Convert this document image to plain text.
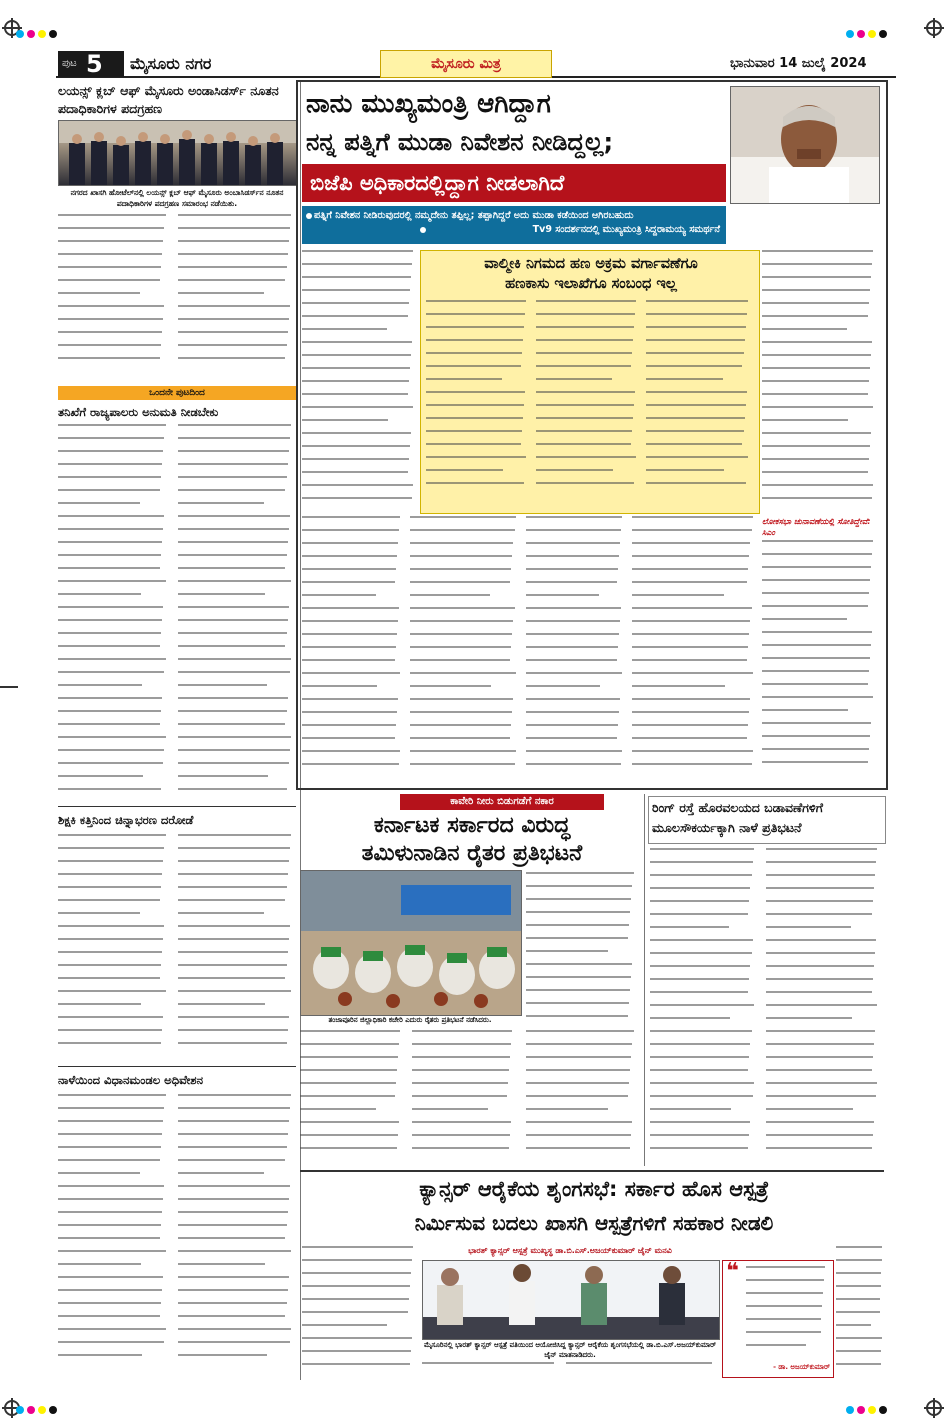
ಪುಟ 5 ಮೈಸೂರು ನಗರ	ಮೈಸೂರು ಮಿತ್ರ	ಭಾನುವಾರ 14 ಜುಲೈ 2024
ಲಯನ್ಸ್ ಕ್ಲಬ್ ಆಫ್ ಮೈಸೂರು ಅಂಡಾಸಿಡರ್ಸ್ ನೂತನ ಪದಾಧಿಕಾರಿಗಳ ಪದಗ್ರಹಣ
ನಗರದ ಖಾಸಗಿ ಹೋಟೆಲ್‌ನಲ್ಲಿ ಲಯನ್ಸ್ ಕ್ಲಬ್ ಆಫ್ ಮೈಸೂರು ಅಂಬಾಸಿಡರ್ಸ್‌ನ ನೂತನ ಪದಾಧಿಕಾರಿಗಳ ಪದಗ್ರಹಣ ಸಮಾರಂಭ ನಡೆಯಿತು.
ಒಂದನೇ ಪುಟದಿಂದ
ತನಿಖೆಗೆ ರಾಜ್ಯಪಾಲರು ಅನುಮತಿ ನೀಡಬೇಕು
ಶಿಕ್ಷಕಿ ಕತ್ತಿನಿಂದ ಚಿನ್ನಾಭರಣ ದರೋಡೆ
ನಾಳೆಯಿಂದ ವಿಧಾನಮಂಡಲ ಅಧಿವೇಶನ
ನಾನು ಮುಖ್ಯಮಂತ್ರಿ ಆಗಿದ್ದಾಗ
ನನ್ನ ಪತ್ನಿಗೆ ಮುಡಾ ನಿವೇಶನ ನೀಡಿದ್ದಲ್ಲ;
ಬಿಜೆಪಿ ಅಧಿಕಾರದಲ್ಲಿದ್ದಾಗ ನೀಡಲಾಗಿದೆ
ಪತ್ನಿಗೆ ನಿವೇಶನ ನೀಡಿರುವುದರಲ್ಲಿ ನಮ್ಮದೇನು ತಪ್ಪಿಲ್ಲ; ತಪ್ಪಾಗಿದ್ದರೆ ಅದು ಮುಡಾ ಕಡೆಯಿಂದ ಆಗಿರಬಹುದು
Tv9 ಸಂದರ್ಶನದಲ್ಲಿ ಮುಖ್ಯಮಂತ್ರಿ ಸಿದ್ದರಾಮಯ್ಯ ಸಮರ್ಥನೆ
ವಾಲ್ಮೀಕಿ ನಿಗಮದ ಹಣ ಅಕ್ರಮ ವರ್ಗಾವಣೆಗೂ
ಹಣಕಾಸು ಇಲಾಖೆಗೂ ಸಂಬಂಧ ಇಲ್ಲ
ಲೋಕಸಭಾ ಚುನಾವಣೆಯಲ್ಲಿ ಸೋತಿದ್ದೇವೆ: ಸಿಎಂ
ಕಾವೇರಿ ನೀರು ಬಿಡುಗಡೆಗೆ ನಕಾರ
ಕರ್ನಾಟಕ ಸರ್ಕಾರದ ವಿರುದ್ಧ
ತಮಿಳುನಾಡಿನ ರೈತರ ಪ್ರತಿಭಟನೆ
ತಂಜಾವೂರಿನ ಜಿಲ್ಲಾಧಿಕಾರಿ ಕಚೇರಿ ಎದುರು ರೈತರು ಪ್ರತಿಭಟನೆ ನಡೆಸಿದರು.
ರಿಂಗ್ ರಸ್ತೆ ಹೊರವಲಯದ ಬಡಾವಣೆಗಳಿಗೆ
ಮೂಲಸೌಕರ್ಯಕ್ಕಾಗಿ ನಾಳೆ ಪ್ರತಿಭಟನೆ
ಕ್ಯಾನ್ಸರ್ ಆರೈಕೆಯ ಶೃಂಗಸಭೆ: ಸರ್ಕಾರ ಹೊಸ ಆಸ್ಪತ್ರೆ
ನಿರ್ಮಿಸುವ ಬದಲು ಖಾಸಗಿ ಆಸ್ಪತ್ರೆಗಳಿಗೆ ಸಹಕಾರ ನೀಡಲಿ
ಭಾರತ್ ಕ್ಯಾನ್ಸರ್ ಆಸ್ಪತ್ರೆ ಮುಖ್ಯಸ್ಥ ಡಾ.ಬಿ.ಎಸ್.ಅಜಯ್‌ಕುಮಾರ್ ಜೈನ್ ಮನವಿ
ಮೈಸೂರಿನಲ್ಲಿ ಭಾರತ್ ಕ್ಯಾನ್ಸರ್ ಆಸ್ಪತ್ರೆ ವತಿಯಿಂದ ಆಯೋಜಿಸಿದ್ದ ಕ್ಯಾನ್ಸರ್ ಆರೈಕೆಯ ಶೃಂಗಸಭೆಯಲ್ಲಿ ಡಾ.ಬಿ.ಎಸ್.ಅಜಯ್‌ಕುಮಾರ್ ಜೈನ್ ಮಾತನಾಡಿದರು.
❝
- ಡಾ. ಅಜಯ್‌ಕುಮಾರ್
